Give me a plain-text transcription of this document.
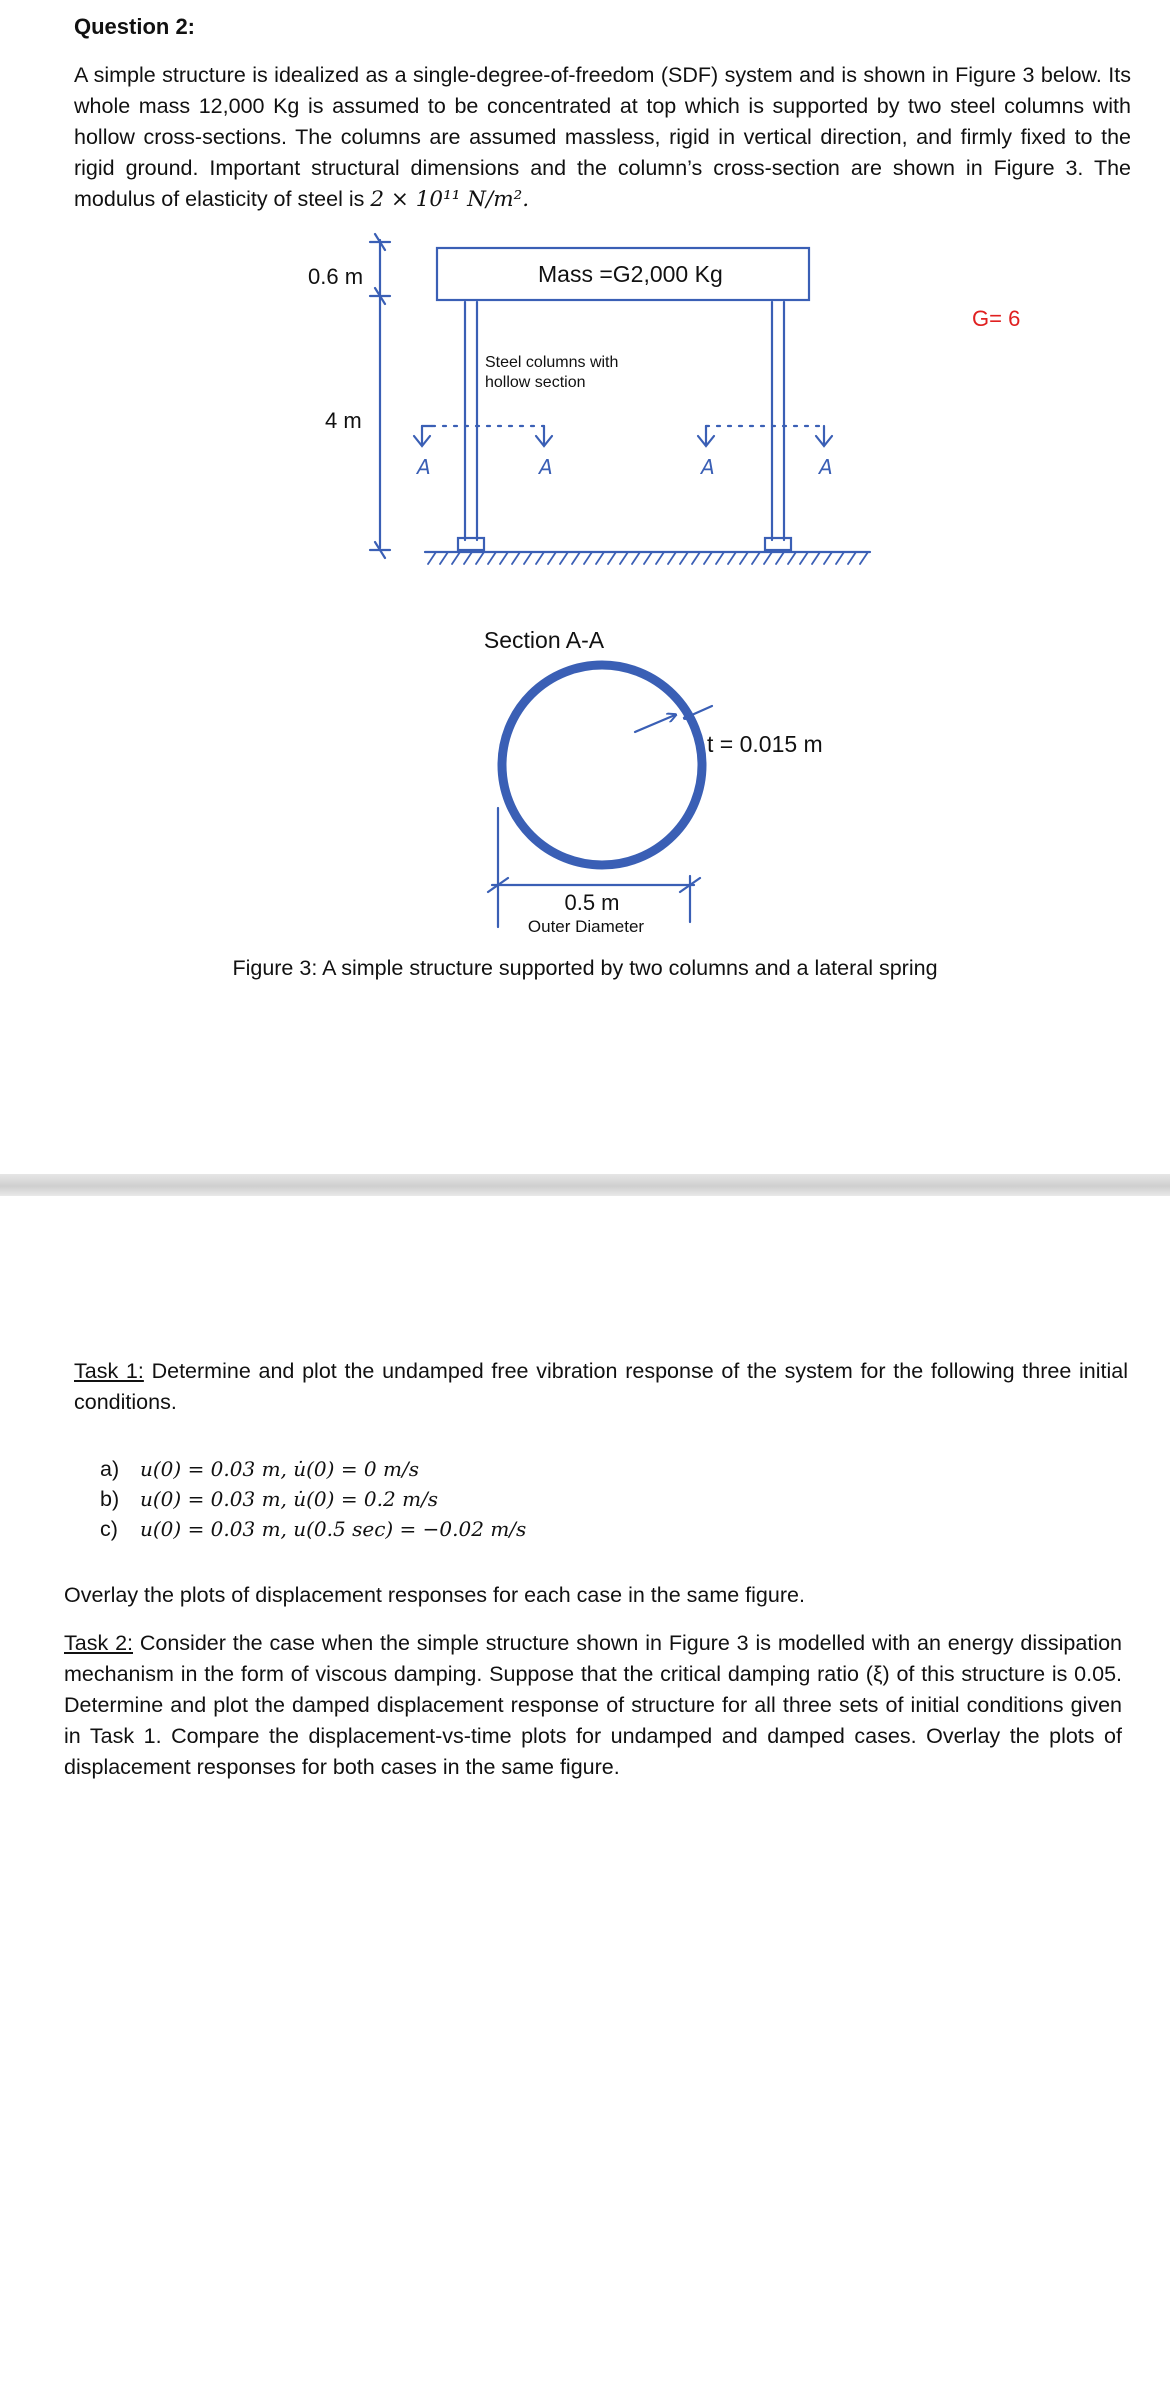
Question 2:

A simple structure is idealized as a single-degree-of-freedom (SDF) system and is shown in Figure 3 below. Its whole mass 12,000 Kg is assumed to be concentrated at top which is supported by two steel columns with hollow cross-sections. The columns are assumed massless, rigid in vertical direction, and firmly fixed to the rigid ground. Important structural dimensions and the column’s cross-section are shown in Figure 3. The modulus of elasticity of steel is 2 × 10¹¹ N/m².

0.6 m
4 m
Mass =G2,000 Kg
Steel columns with
hollow section
Section A-A
t = 0.015 m
0.5 m
Outer Diameter
A	A	A	A
G= 6
Figure 3: A simple structure supported by two columns and a lateral spring

Task 1: Determine and plot the undamped free vibration response of the system for the following three initial conditions.

a)	u(0) = 0.03 m, u̇(0) = 0 m/s
b)	u(0) = 0.03 m, u̇(0) = 0.2 m/s
c)	u(0) = 0.03 m, u(0.5 sec) = −0.02 m/s

Overlay the plots of displacement responses for each case in the same figure.

Task 2: Consider the case when the simple structure shown in Figure 3 is modelled with an energy dissipation mechanism in the form of viscous damping. Suppose that the critical damping ratio (ξ) of this structure is 0.05. Determine and plot the damped displacement response of structure for all three sets of initial conditions given in Task 1. Compare the displacement-vs-time plots for undamped and damped cases. Overlay the plots of displacement responses for both cases in the same figure.
